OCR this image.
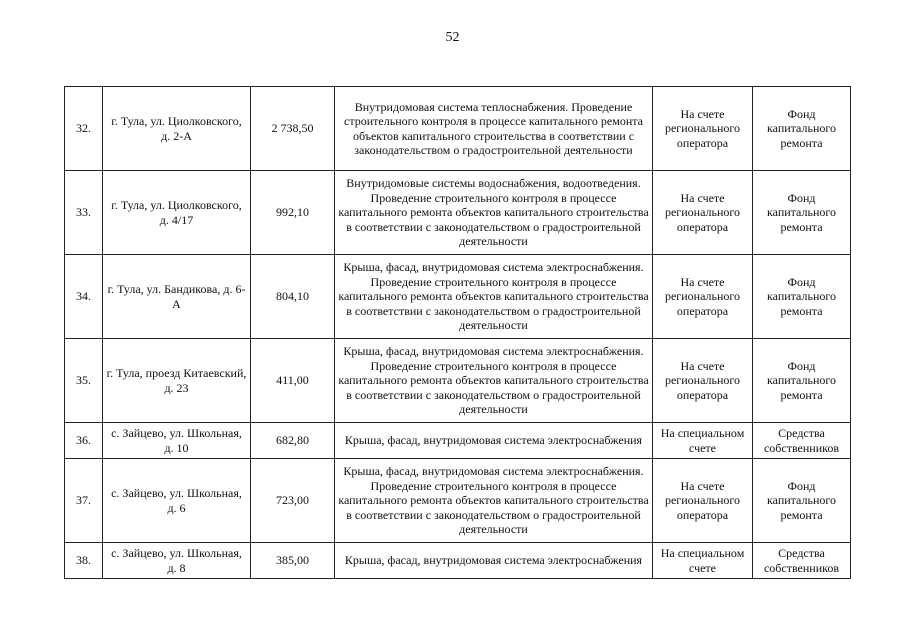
52
32.	г. Тула, ул. Циолковского, д. 2-А	2 738,50	Внутридомовая система теплоснабжения. Проведение строительного контроля в процессе капитального ремонта объектов капитального строительства в соответствии с законодательством о градостроительной деятельности	На счете регионального оператора	Фонд капитального ремонта
33.	г. Тула, ул. Циолковского, д. 4/17	992,10	Внутридомовые системы водоснабжения, водоотведения. Проведение строительного контроля в процессе капитального ремонта объектов капитального строительства в соответствии с законодательством о градостроительной деятельности	На счете регионального оператора	Фонд капитального ремонта
34.	г. Тула, ул. Бандикова, д. 6-А	804,10	Крыша, фасад, внутридомовая система электроснабжения. Проведение строительного контроля в процессе капитального ремонта объектов капитального строительства в соответствии с законодательством о градостроительной деятельности	На счете регионального оператора	Фонд капитального ремонта
35.	г. Тула, проезд Китаевский, д. 23	411,00	Крыша, фасад, внутридомовая система электроснабжения. Проведение строительного контроля в процессе капитального ремонта объектов капитального строительства в соответствии с законодательством о градостроительной деятельности	На счете регионального оператора	Фонд капитального ремонта
36.	с. Зайцево, ул. Школьная, д. 10	682,80	Крыша, фасад, внутридомовая система электроснабжения	На специальном счете	Средства собственников
37.	с. Зайцево, ул. Школьная, д. 6	723,00	Крыша, фасад, внутридомовая система электроснабжения. Проведение строительного контроля в процессе капитального ремонта объектов капитального строительства в соответствии с законодательством о градостроительной деятельности	На счете регионального оператора	Фонд капитального ремонта
38.	с. Зайцево, ул. Школьная, д. 8	385,00	Крыша, фасад, внутридомовая система электроснабжения	На специальном счете	Средства собственников
